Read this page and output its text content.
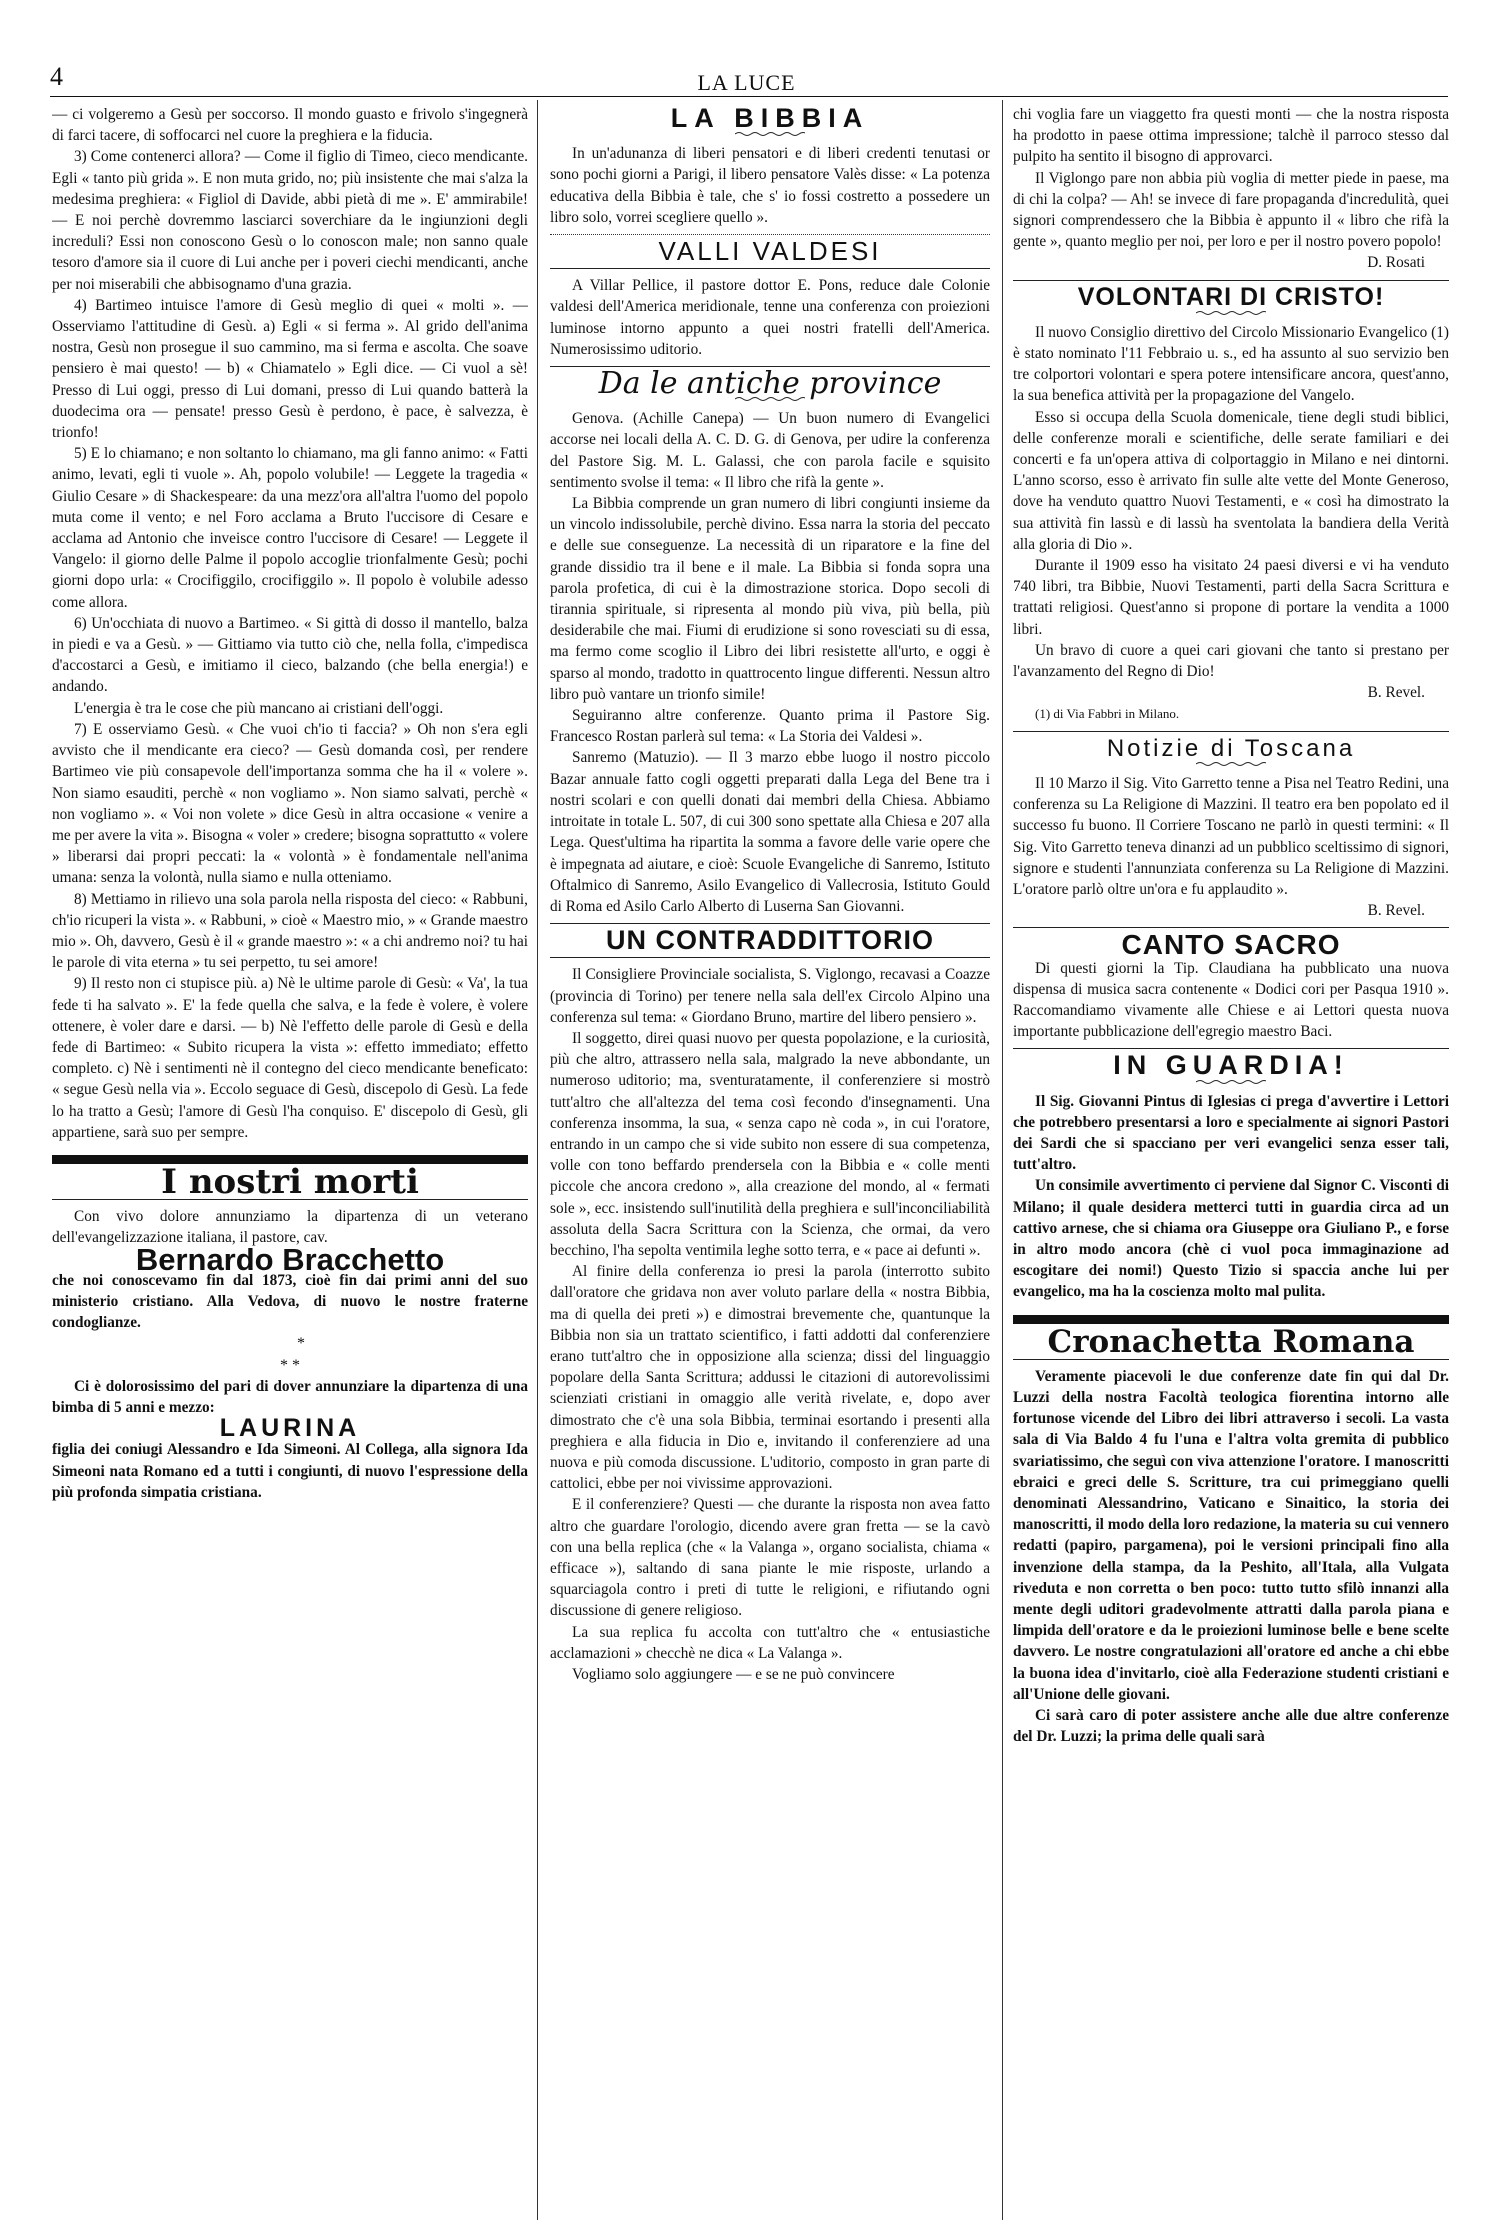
4	LA LUCE

— ci volgeremo a Gesù per soccorso. Il mondo guasto e frivolo s'ingegnerà di farci tacere, di soffocarci nel cuore la preghiera e la fiducia.

3) Come contenerci allora? — Come il figlio di Timeo, cieco mendicante. Egli « tanto più grida ». E non muta grido, no; più insistente che mai s'alza la medesima preghiera: « Figliol di Davide, abbi pietà di me ». E' ammirabile! — E noi perchè dovremmo lasciarci soverchiare da le ingiunzioni degli increduli? Essi non conoscono Gesù o lo conoscon male; non sanno quale tesoro d'amore sia il cuore di Lui anche per i poveri ciechi mendicanti, anche per noi miserabili che abbisognamo d'una grazia.

4) Bartimeo intuisce l'amore di Gesù meglio di quei « molti ». — Osserviamo l'attitudine di Gesù. a) Egli « si ferma ». Al grido dell'anima nostra, Gesù non prosegue il suo cammino, ma si ferma e ascolta. Che soave pensiero è mai questo! — b) « Chiamatelo » Egli dice. — Ci vuol a sè! Presso di Lui oggi, presso di Lui domani, presso di Lui quando batterà la duodecima ora — pensate! presso Gesù è perdono, è pace, è salvezza, è trionfo!

5) E lo chiamano; e non soltanto lo chiamano, ma gli fanno animo: « Fatti animo, levati, egli ti vuole ». Ah, popolo volubile! — Leggete la tragedia « Giulio Cesare » di Shackespeare: da una mezz'ora all'altra l'uomo del popolo muta come il vento; e nel Foro acclama a Bruto l'uccisore di Cesare e acclama ad Antonio che inveisce contro l'uccisore di Cesare! — Leggete il Vangelo: il giorno delle Palme il popolo accoglie trionfalmente Gesù; pochi giorni dopo urla: « Crocifiggilo, crocifiggilo ». Il popolo è volubile adesso come allora.

6) Un'occhiata di nuovo a Bartimeo. « Si gittà di dosso il mantello, balza in piedi e va a Gesù. » — Gittiamo via tutto ciò che, nella folla, c'impediscа d'accostarci a Gesù, e imitiamo il cieco, balzando (che bella energia!) e andando.

L'energia è tra le cose che più mancano ai cristiani dell'oggi.

7) E osserviamo Gesù. « Che vuoi ch'io ti faccia? » Oh non s'era egli avvisto che il mendicante era cieco? — Gesù domanda così, per rendere Bartimeo vie più consapevole dell'importanza somma che ha il « volere ». Non siamo esauditi, perchè « non vogliamo ». Non siamo salvati, perchè « non vogliamo ». « Voi non volete » dice Gesù in altra occasione « venire a me per avere la vita ». Bisogna « voler » credere; bisogna soprattutto « volere » liberarsi dai propri peccati: la « volontà » è fondamentale nell'anima umana: senza la volontà, nulla siamo e nulla otteniamo.

8) Mettiamo in rilievo una sola parola nella risposta del cieco: « Rabbuni, ch'io ricuperi la vista ». « Rabbuni, » cioè « Maestro mio, » « Grande maestro mio ». Oh, davvero, Gesù è il « grande maestro »: « a chi andremo noi? tu hai le parole di vita eterna » tu sei perpetto, tu sei amore!

9) Il resto non ci stupisce più. a) Nè le ultime parole di Gesù: « Va', la tua fede ti ha salvato ». E' la fede quella che salva, e la fede è volere, è volere ottenere, è voler dare e darsi. — b) Nè l'effetto delle parole di Gesù e della fede di Bartimeo: « Subito ricupera la vista »: effetto immediato; effetto completo. c) Nè i sentimenti nè il contegno del cieco mendicante beneficato: « segue Gesù nella via ». Eccolo seguace di Gesù, discepolo di Gesù. La fede lo ha tratto a Gesù; l'amore di Gesù l'ha conquiso. E' discepolo di Gesù, gli appartiene, sarà suo per sempre.

I nostri morti

Con vivo dolore annunziamo la dipartenza di un veterano dell'evangelizzazione italiana, il pastore, cav.

Bernardo Bracchetto

che noi conoscevamo fin dal 1873, cioè fin dai primi anni del suo ministerio cristiano. Alla Vedova, di nuovo le nostre fraterne condoglianze.

*
* *

Ci è dolorosissimo del pari di dover annunziare la dipartenza di una bimba di 5 anni e mezzo:

LAURINA

figlia dei coniugi Alessandro e Ida Simeoni. Al Collega, alla signora Ida Simeoni nata Romano ed a tutti i congiunti, di nuovo l'espressione della più profonda simpatia cristiana.

LA BIBBIA

In un'adunanza di liberi pensatori e di liberi credenti tenutasi or sono pochi giorni a Parigi, il libero pensatore Valès disse: « La potenza educativa della Bibbia è tale, che s' io fossi costretto a possedere un libro solo, vorrei scegliere quello ».

VALLI VALDESI

A Villar Pellice, il pastore dottor E. Pons, reduce dale Colonie valdesi dell'America meridionale, tenne una conferenza con proiezioni luminose intorno appunto a quei nostri fratelli dell'America. Numerosissimo uditorio.

Da le antiche province

Genova. (Achille Canepa) — Un buon numero di Evangelici accorse nei locali della A. C. D. G. di Genova, per udire la conferenza del Pastore Sig. M. L. Galassi, che con parola facile e squisito sentimento svolse il tema: « Il libro che rifà la gente ».

La Bibbia comprende un gran numero di libri congiunti insieme da un vincolo indissolubile, perchè divino. Essa narra la storia del peccato e delle sue conseguenze. La necessità di un riparatore e la fine del grande dissidio tra il bene e il male. La Bibbia si fonda sopra una parola profetica, di cui è la dimostrazione storica. Dopo secoli di tirannia spirituale, si ripresenta al mondo più viva, più bella, più desiderabile che mai. Fiumi di erudizione si sono rovesciati su di essa, ma fermo come scoglio il Libro dei libri resistette all'urto, e oggi è sparso al mondo, tradotto in quattrocento lingue differenti. Nessun altro libro può vantare un trionfo simile!

Seguiranno altre conferenze. Quanto prima il Pastore Sig. Francesco Rostan parlerà sul tema: « La Storia dei Valdesi ».

Sanremo (Matuzio). — Il 3 marzo ebbe luogo il nostro piccolo Bazar annuale fatto cogli oggetti preparati dalla Lega del Bene tra i nostri scolari e con quelli donati dai membri della Chiesa. Abbiamo introitate in totale L. 507, di cui 300 sono spettate alla Chiesa e 207 alla Lega. Quest'ultima ha ripartita la somma a favore delle varie opere che è impegnata ad aiutare, e cioè: Scuole Evangeliche di Sanremo, Istituto Oftalmico di Sanremo, Asilo Evangelico di Vallecrosia, Istituto Gould di Roma ed Asilo Carlo Alberto di Luserna San Giovanni.

UN CONTRADDITTORIO

Il Consigliere Provinciale socialista, S. Viglongo, recavasi a Coazze (provincia di Torino) per tenere nella sala dell'ex Circolo Alpino una conferenza sul tema: « Giordano Bruno, martire del libero pensiero ».

Il soggetto, direi quasi nuovo per questa popolazione, e la curiosità, più che altro, attrassero nella sala, malgrado la neve abbondante, un numeroso uditorio; ma, sventuratamente, il conferenziere si mostrò tutt'altro che all'altezza del tema così fecondo d'insegnamenti. Una conferenza insomma, la sua, « senza capo nè coda », in cui l'oratore, entrando in un campo che si vide subito non essere di sua competenza, volle con tono beffardo prendersela con la Bibbia e « colle menti piccole che ancora credono », alla creazione del mondo, al « fermati sole », ecc. insistendo sull'inutilità della preghiera e sull'inconciliabilità assoluta della Sacra Scrittura con la Scienza, che ormai, da vero becchino, l'ha sepolta ventimila leghe sotto terra, e « pace ai defunti ».

Al finire della conferenza io presi la parola (interrotto subito dall'oratore che gridava non aver voluto parlare della « nostra Bibbia, ma di quella dei preti ») e dimostrai brevemente che, quantunque la Bibbia non sia un trattato scientifico, i fatti addotti dal conferenziere erano tutt'altro che in opposizione alla scienza; dissi del linguaggio popolare della Santa Scrittura; addussi le citazioni di autorevolissimi scienziati cristiani in omaggio alle verità rivelate, e, dopo aver dimostrato che c'è una sola Bibbia, terminai esortando i presenti alla preghiera e alla fiducia in Dio e, invitando il conferenziere ad una nuova e più comoda discussione. L'uditorio, composto in gran parte di cattolici, ebbe per noi vivissime approvazioni.

E il conferenziere? Questi — che durante la risposta non avea fatto altro che guardare l'orologio, dicendo avere gran fretta — se la cavò con una bella replica (che « la Valanga », organo socialista, chiama « efficace »), saltando di sana piante le mie risposte, urlando a squarciagola contro i preti di tutte le religioni, e rifiutando ogni discussione di genere religioso.

La sua replica fu accolta con tutt'altro che « entusiastiche acclamazioni » checchè ne dica « La Valanga ».

Vogliamo solo aggiungere — e se ne può convincere

chi voglia fare un viaggetto fra questi monti — che la nostra risposta ha prodotto in paese ottima impressione; talchè il parroco stesso dal pulpito ha sentito il bisogno di approvarci.

Il Viglongo pare non abbia più voglia di metter piede in paese, ma di chi la colpa? — Ah! se invece di fare propaganda d'incredulità, quei signori comprendessero che la Bibbia è appunto il « libro che rifà la gente », quanto meglio per noi, per loro e per il nostro povero popolo!

D. Rosati

VOLONTARI DI CRISTO!

Il nuovo Consiglio direttivo del Circolo Missionario Evangelico (1) è stato nominato l'11 Febbraio u. s., ed ha assunto al suo servizio ben tre colportori volontari e spera potere intensificare ancora, quest'anno, la sua benefica attività per la propagazione del Vangelo.

Esso si occupa della Scuola domenicale, tiene degli studi biblici, delle conferenze morali e scientifiche, delle serate familiari e dei concerti e fa un'opera attiva di colportaggio in Milano e nei dintorni. L'anno scorso, esso è arrivato fin sulle alte vette del Monte Generoso, dove ha venduto quattro Nuovi Testamenti, e « così ha dimostrato la sua attività fin lassù e di lassù ha sventolata la bandiera della Verità alla gloria di Dio ».

Durante il 1909 esso ha visitato 24 paesi diversi e vi ha venduto 740 libri, tra Bibbie, Nuovi Testamenti, parti della Sacra Scrittura e trattati religiosi. Quest'anno si propone di portare la vendita a 1000 libri.

Un bravo di cuore a quei cari giovani che tanto si prestano per l'avanzamento del Regno di Dio!

B. Revel.

(1) di Via Fabbri in Milano.

Notizie di Toscana

Il 10 Marzo il Sig. Vito Garretto tenne a Pisa nel Teatro Redini, una conferenza su La Religione di Mazzini. Il teatro era ben popolato ed il successo fu buono. Il Corriere Toscano ne parlò in questi termini: « Il Sig. Vito Garretto teneva dinanzi ad un pubblico sceltissimo di signori, signore e studenti l'annunziata conferenza su La Religione di Mazzini. L'oratore parlò oltre un'ora e fu applaudito ».

B. Revel.

CANTO SACRO

Di questi giorni la Tip. Claudiana ha pubblicato una nuova dispensa di musica sacra contenente « Dodici cori per Pasqua 1910 ». Raccomandiamo vivamente alle Chiese e ai Lettori questa nuova importante pubblicazione dell'egregio maestro Baci.

IN GUARDIA!

Il Sig. Giovanni Pintus di Iglesias ci prega d'avvertire i Lettori che potrebbero presentarsi a loro e specialmente ai signori Pastori dei Sardi che si spacciano per veri evangelici senza esser tali, tutt'altro.

Un consimile avvertimento ci perviene dal Signor C. Visconti di Milano; il quale desidera metterci tutti in guardia circa ad un cattivo arnese, che si chiama ora Giuseppe ora Giuliano P., e forse in altro modo ancora (chè ci vuol poca immaginazione ad escogitare dei nomi!) Questo Tizio si spaccia anche lui per evangelico, ma ha la coscienza molto mal pulita.

Cronachetta Romana

Veramente piacevoli le due conferenze date fin qui dal Dr. Luzzi della nostra Facoltà teologica fiorentina intorno alle fortunose vicende del Libro dei libri attraverso i secoli. La vasta sala di Via Baldo 4 fu l'una e l'altra volta gremita di pubblico svariatissimo, che seguì con viva attenzione l'oratore. I manoscritti ebraici e greci delle S. Scritture, tra cui primeggiano quelli denominati Alessandrino, Vaticano e Sinaitico, la storia dei manoscritti, il modo della loro redazione, la materia su cui vennero redatti (papiro, pargamena), poi le versioni principali fino alla invenzione della stampa, da la Peshito, all'Itala, alla Vulgata riveduta e non corretta o ben poco: tutto tutto sfilò innanzi alla mente degli uditori gradevolmente attratti dalla parola piana e limpida dell'oratore e da le proiezioni luminose belle e bene scelte davvero. Le nostre congratulazioni all'oratore ed anche a chi ebbe la buona idea d'invitarlo, cioè alla Federazione studenti cristiani e all'Unione delle giovani.

Ci sarà caro di poter assistere anche alle due altre conferenze del Dr. Luzzi; la prima delle quali sarà
